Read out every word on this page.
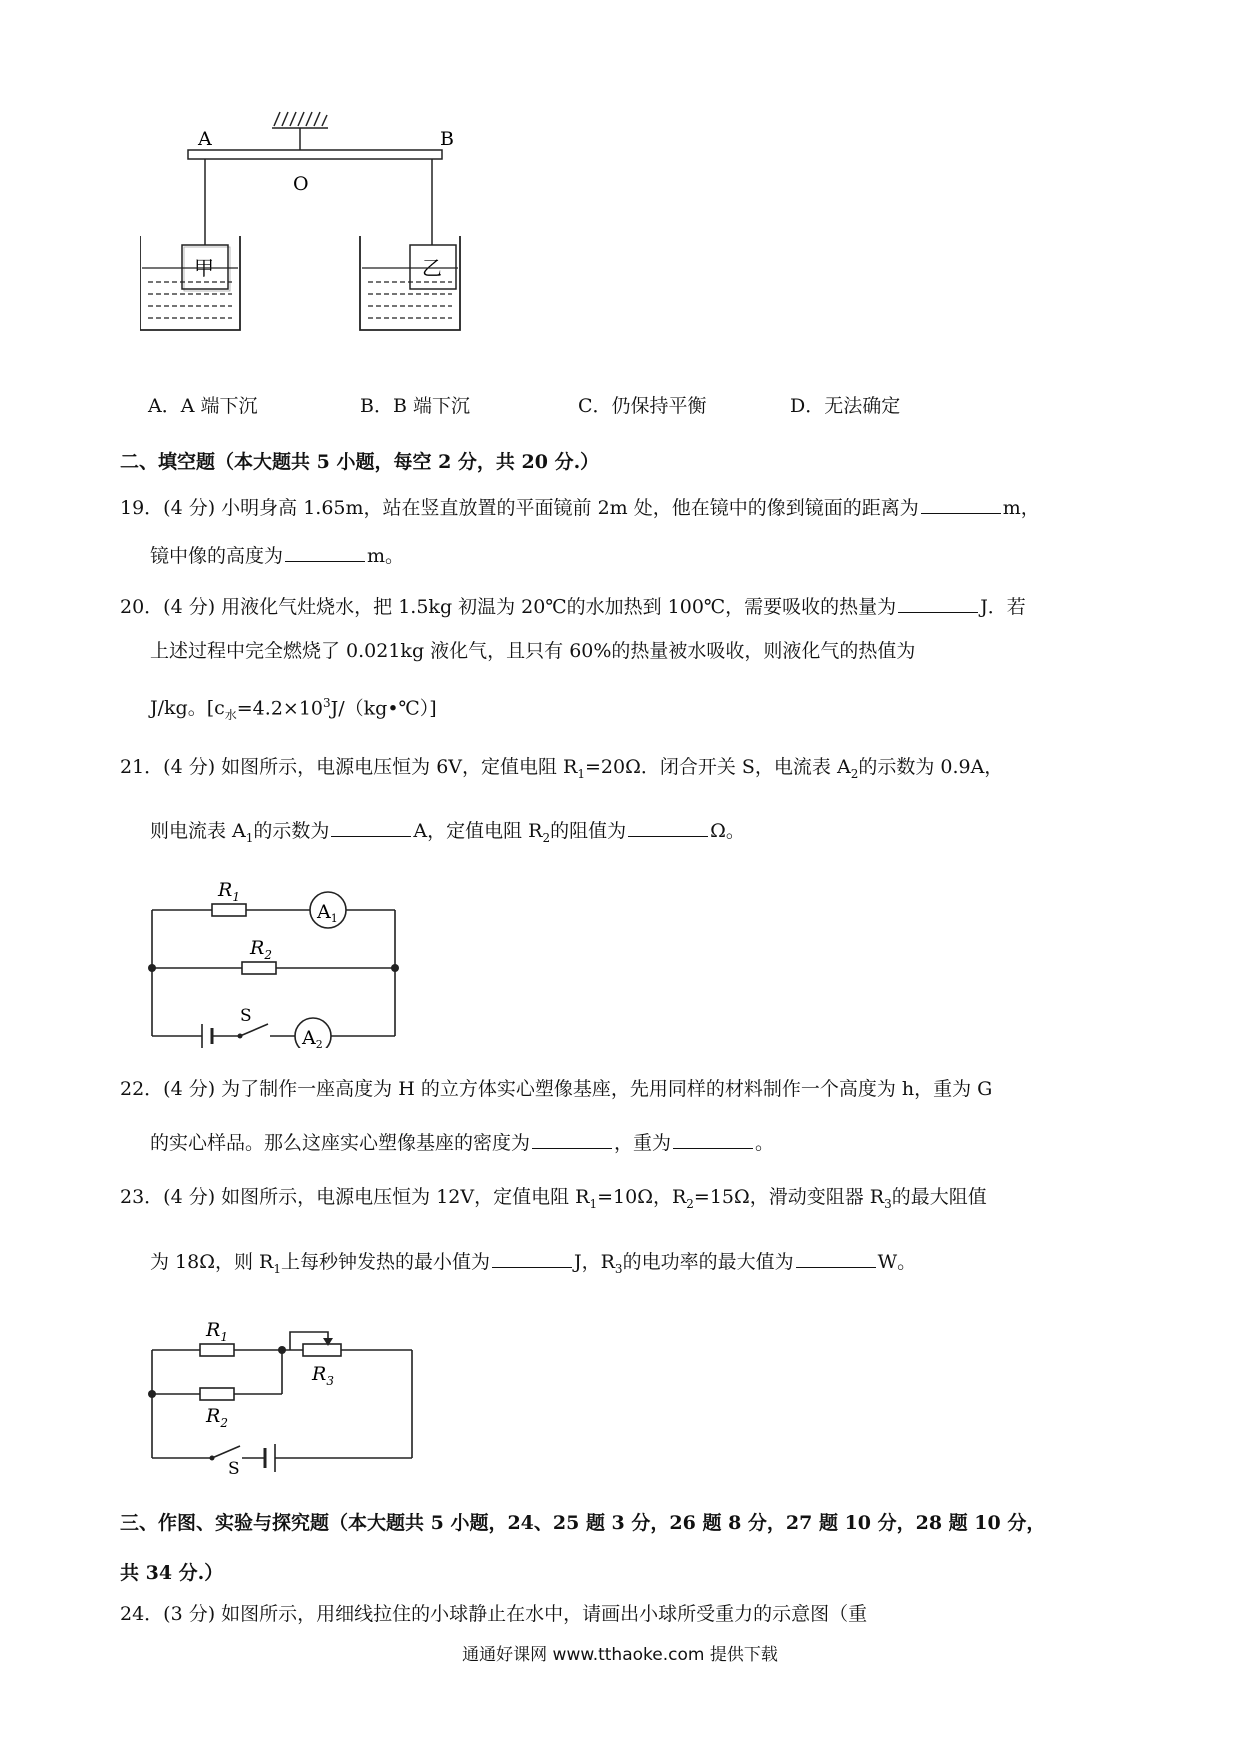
A	B
O
甲	乙
A．A 端下沉	B．B 端下沉	C．仍保持平衡	D．无法确定
二、填空题（本大题共 5 小题，每空 2 分，共 20 分.）
19．(4 分) 小明身高 1.65m，站在竖直放置的平面镜前 2m 处，他在镜中的像到镜面的距离为	m，
镜中像的高度为	m。
20．(4 分) 用液化气灶烧水，把 1.5kg 初温为 20℃的水加热到 100℃，需要吸收的热量为	J．若
上述过程中完全燃烧了 0.021kg 液化气，且只有 60%的热量被水吸收，则液化气的热值为
J/kg。$[c_水=4.2\times 10^3J/(kg•℃)]$
21．(4 分) 如图所示，电源电压恒为 6V，定值电阻 $R_1=20\Omega$．闭合开关 S，电流表 $A_2$的示数为 0.9A，
则电流表 $A_1$的示数为	A，定值电阻 $R_2$的阻值为	Ω。
$R_1$
$R_2$
$A_1$
$A_2$
S
22．(4 分) 为了制作一座高度为 H 的立方体实心塑像基座，先用同样的材料制作一个高度为 h，重为 G
的实心样品。那么这座实心塑像基座的密度为	，重为	。
23．(4 分) 如图所示，电源电压恒为 12V，定值电阻 $R_1=10\Omega$，$R_2=15\Omega$，滑动变阻器 $R_3$的最大阻值
为 18Ω，则 $R_1$上每秒钟发热的最小值为	J，$R_3$的电功率的最大值为	W。
$R_1$
$R_2$
$R_3$
S
三、作图、实验与探究题（本大题共 5 小题，24、25 题 3 分，26 题 8 分，27 题 10 分，28 题 10 分，
共 34 分.）
24．(3 分) 如图所示，用细线拉住的小球静止在水中，请画出小球所受重力的示意图（重
通通好课网 www.tthaoke.com 提供下载
